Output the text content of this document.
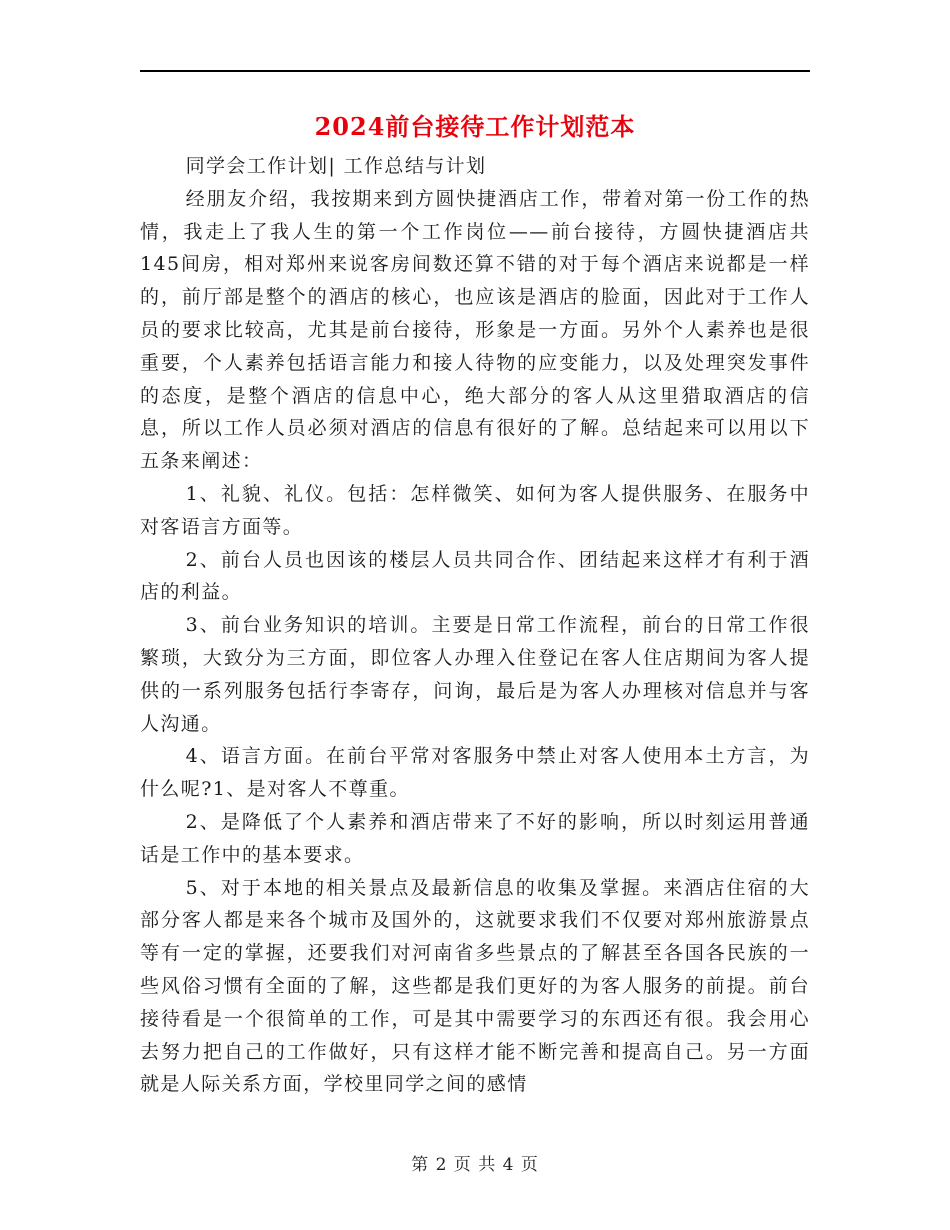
2024前台接待工作计划范本

同学会工作计划| 工作总结与计划

经朋友介绍，我按期来到方圆快捷酒店工作，带着对第一份工作的热情，我走上了我人生的第一个工作岗位——前台接待，方圆快捷酒店共145间房，相对郑州来说客房间数还算不错的对于每个酒店来说都是一样的，前厅部是整个的酒店的核心，也应该是酒店的脸面，因此对于工作人员的要求比较高，尤其是前台接待，形象是一方面。另外个人素养也是很重要，个人素养包括语言能力和接人待物的应变能力，以及处理突发事件的态度，是整个酒店的信息中心，绝大部分的客人从这里猎取酒店的信息，所以工作人员必须对酒店的信息有很好的了解。总结起来可以用以下五条来阐述：

1、礼貌、礼仪。包括：怎样微笑、如何为客人提供服务、在服务中对客语言方面等。

2、前台人员也因该的楼层人员共同合作、团结起来这样才有利于酒店的利益。

3、前台业务知识的培训。主要是日常工作流程，前台的日常工作很繁琐，大致分为三方面，即位客人办理入住登记在客人住店期间为客人提供的一系列服务包括行李寄存，问询，最后是为客人办理核对信息并与客人沟通。

4、语言方面。在前台平常对客服务中禁止对客人使用本土方言，为什么呢?1、是对客人不尊重。

2、是降低了个人素养和酒店带来了不好的影响，所以时刻运用普通话是工作中的基本要求。

5、对于本地的相关景点及最新信息的收集及掌握。来酒店住宿的大部分客人都是来各个城市及国外的，这就要求我们不仅要对郑州旅游景点等有一定的掌握，还要我们对河南省多些景点的了解甚至各国各民族的一些风俗习惯有全面的了解，这些都是我们更好的为客人服务的前提。前台接待看是一个很简单的工作，可是其中需要学习的东西还有很。我会用心去努力把自己的工作做好，只有这样才能不断完善和提高自己。另一方面就是人际关系方面，学校里同学之间的感情

第 2 页 共 4 页
